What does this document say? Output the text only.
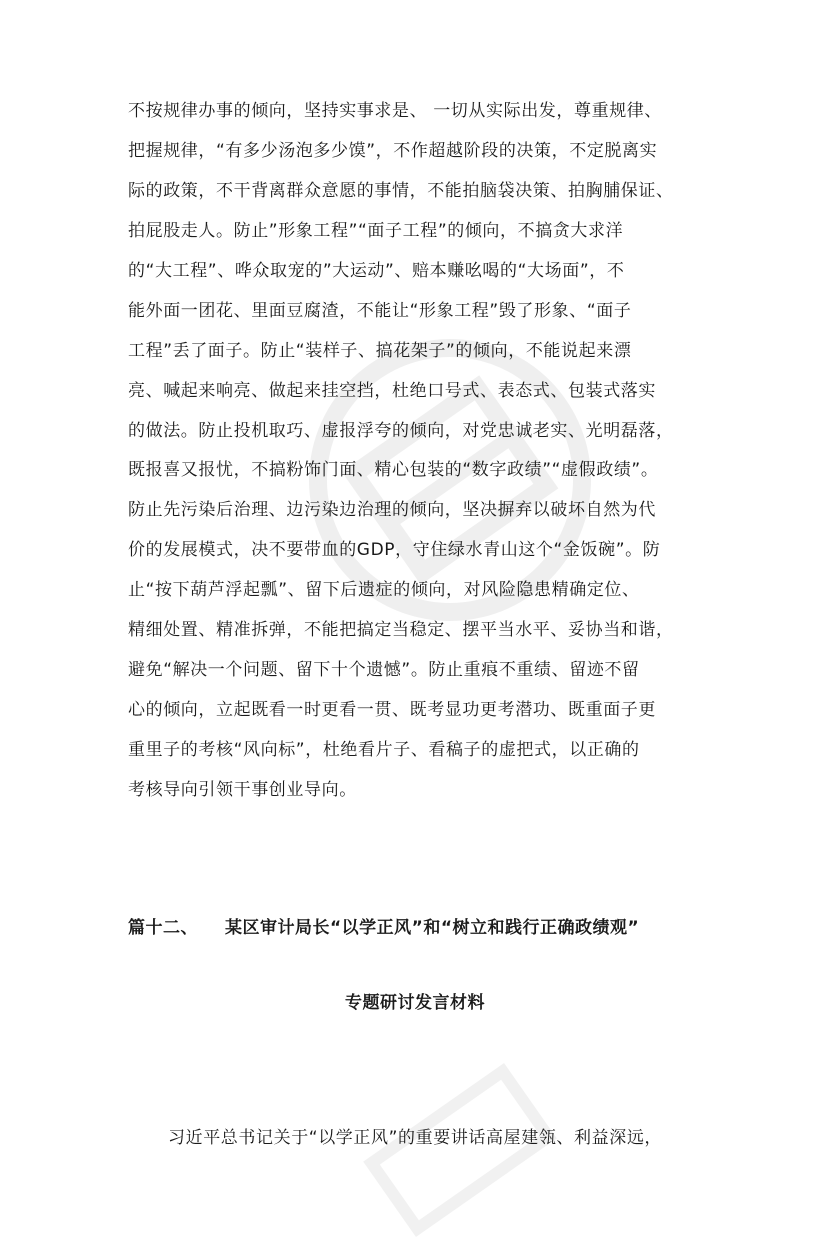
不按规律办事的倾向，坚持实事求是、 一切从实际出发，尊重规律、
把握规律，“有多少汤泡多少馍”，不作超越阶段的决策，不定脱离实
际的政策，不干背离群众意愿的事情，不能拍脑袋决策、拍胸脯保证、
拍屁股走人。防止”形象工程”“面子工程”的倾向，不搞贪大求洋
的“大工程”、哗众取宠的”大运动”、赔本赚吆喝的“大场面”，不
能外面一团花、里面豆腐渣，不能让“形象工程”毁了形象、“面子
工程”丢了面子。防止“装样子、搞花架子”的倾向，不能说起来漂
亮、喊起来响亮、做起来挂空挡，杜绝口号式、表态式、包装式落实
的做法。防止投机取巧、虚报浮夸的倾向，对党忠诚老实、光明磊落，
既报喜又报忧，不搞粉饰门面、精心包装的“数字政绩”“虚假政绩”。
防止先污染后治理、边污染边治理的倾向，坚决摒弃以破坏自然为代
价的发展模式，决不要带血的GDP，守住绿水青山这个“金饭碗”。防
止“按下葫芦浮起瓢”、留下后遗症的倾向，对风险隐患精确定位、
精细处置、精准拆弹，不能把搞定当稳定、摆平当水平、妥协当和谐，
避免“解决一个问题、留下十个遗憾”。防止重痕不重绩、留迹不留
心的倾向，立起既看一时更看一贯、既考显功更考潜功、既重面子更
重里子的考核“风向标”，杜绝看片子、看稿子的虚把式，以正确的
考核导向引领干事创业导向。
篇十二、 某区审计局长“以学正风”和“树立和践行正确政绩观”
专题研讨发言材料
习近平总书记关于“以学正风”的重要讲话高屋建瓴、利益深远，
